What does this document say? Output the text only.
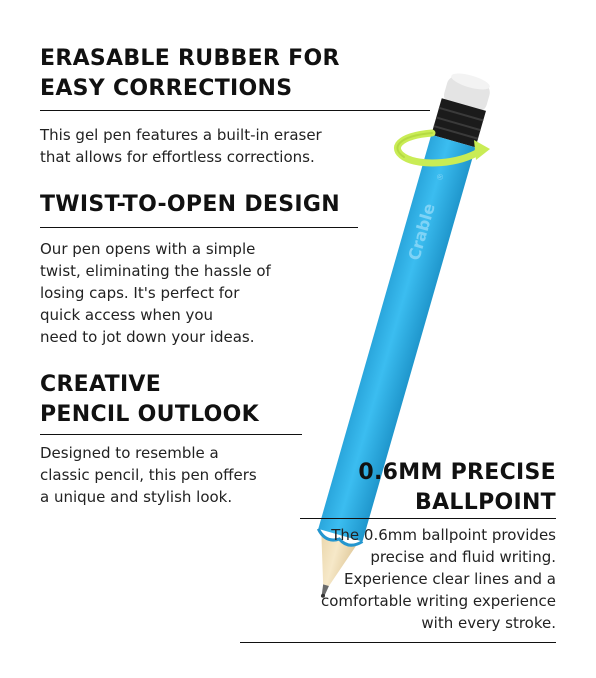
Crable
®

ERASABLE RUBBER FOR
EASY CORRECTIONS

This gel pen features a built-in eraser
that allows for effortless corrections.

TWIST-TO-OPEN DESIGN

Our pen opens with a simple
twist, eliminating the hassle of
losing caps. It's perfect for
quick access when you
need to jot down your ideas.

CREATIVE
PENCIL OUTLOOK

Designed to resemble a
classic pencil, this pen offers
a unique and stylish look.

0.6MM PRECISE
BALLPOINT

The 0.6mm ballpoint provides
precise and fluid writing.
Experience clear lines and a
comfortable writing experience
with every stroke.
